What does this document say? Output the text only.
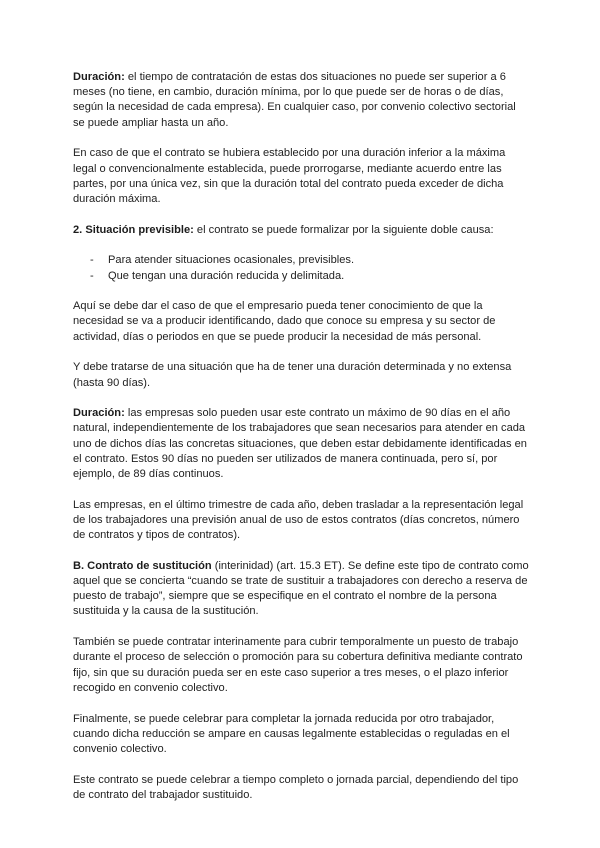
Duración: el tiempo de contratación de estas dos situaciones no puede ser superior a 6 meses (no tiene, en cambio, duración mínima, por lo que puede ser de horas o de días, según la necesidad de cada empresa). En cualquier caso, por convenio colectivo sectorial se puede ampliar hasta un año.

En caso de que el contrato se hubiera establecido por una duración inferior a la máxima legal o convencionalmente establecida, puede prorrogarse, mediante acuerdo entre las partes, por una única vez, sin que la duración total del contrato pueda exceder de dicha duración máxima.

2. Situación previsible: el contrato se puede formalizar por la siguiente doble causa:

- Para atender situaciones ocasionales, previsibles.
- Que tengan una duración reducida y delimitada.

Aquí se debe dar el caso de que el empresario pueda tener conocimiento de que la necesidad se va a producir identificando, dado que conoce su empresa y su sector de actividad, días o periodos en que se puede producir la necesidad de más personal.

Y debe tratarse de una situación que ha de tener una duración determinada y no extensa (hasta 90 días).

Duración: las empresas solo pueden usar este contrato un máximo de 90 días en el año natural, independientemente de los trabajadores que sean necesarios para atender en cada uno de dichos días las concretas situaciones, que deben estar debidamente identificadas en el contrato. Estos 90 días no pueden ser utilizados de manera continuada, pero sí, por ejemplo, de 89 días continuos.

Las empresas, en el último trimestre de cada año, deben trasladar a la representación legal de los trabajadores una previsión anual de uso de estos contratos (días concretos, número de contratos y tipos de contratos).

B. Contrato de sustitución (interinidad) (art. 15.3 ET). Se define este tipo de contrato como aquel que se concierta “cuando se trate de sustituir a trabajadores con derecho a reserva de puesto de trabajo”, siempre que se especifique en el contrato el nombre de la persona sustituida y la causa de la sustitución.

También se puede contratar interinamente para cubrir temporalmente un puesto de trabajo durante el proceso de selección o promoción para su cobertura definitiva mediante contrato fijo, sin que su duración pueda ser en este caso superior a tres meses, o el plazo inferior recogido en convenio colectivo.

Finalmente, se puede celebrar para completar la jornada reducida por otro trabajador, cuando dicha reducción se ampare en causas legalmente establecidas o reguladas en el convenio colectivo.

Este contrato se puede celebrar a tiempo completo o jornada parcial, dependiendo del tipo de contrato del trabajador sustituido.
